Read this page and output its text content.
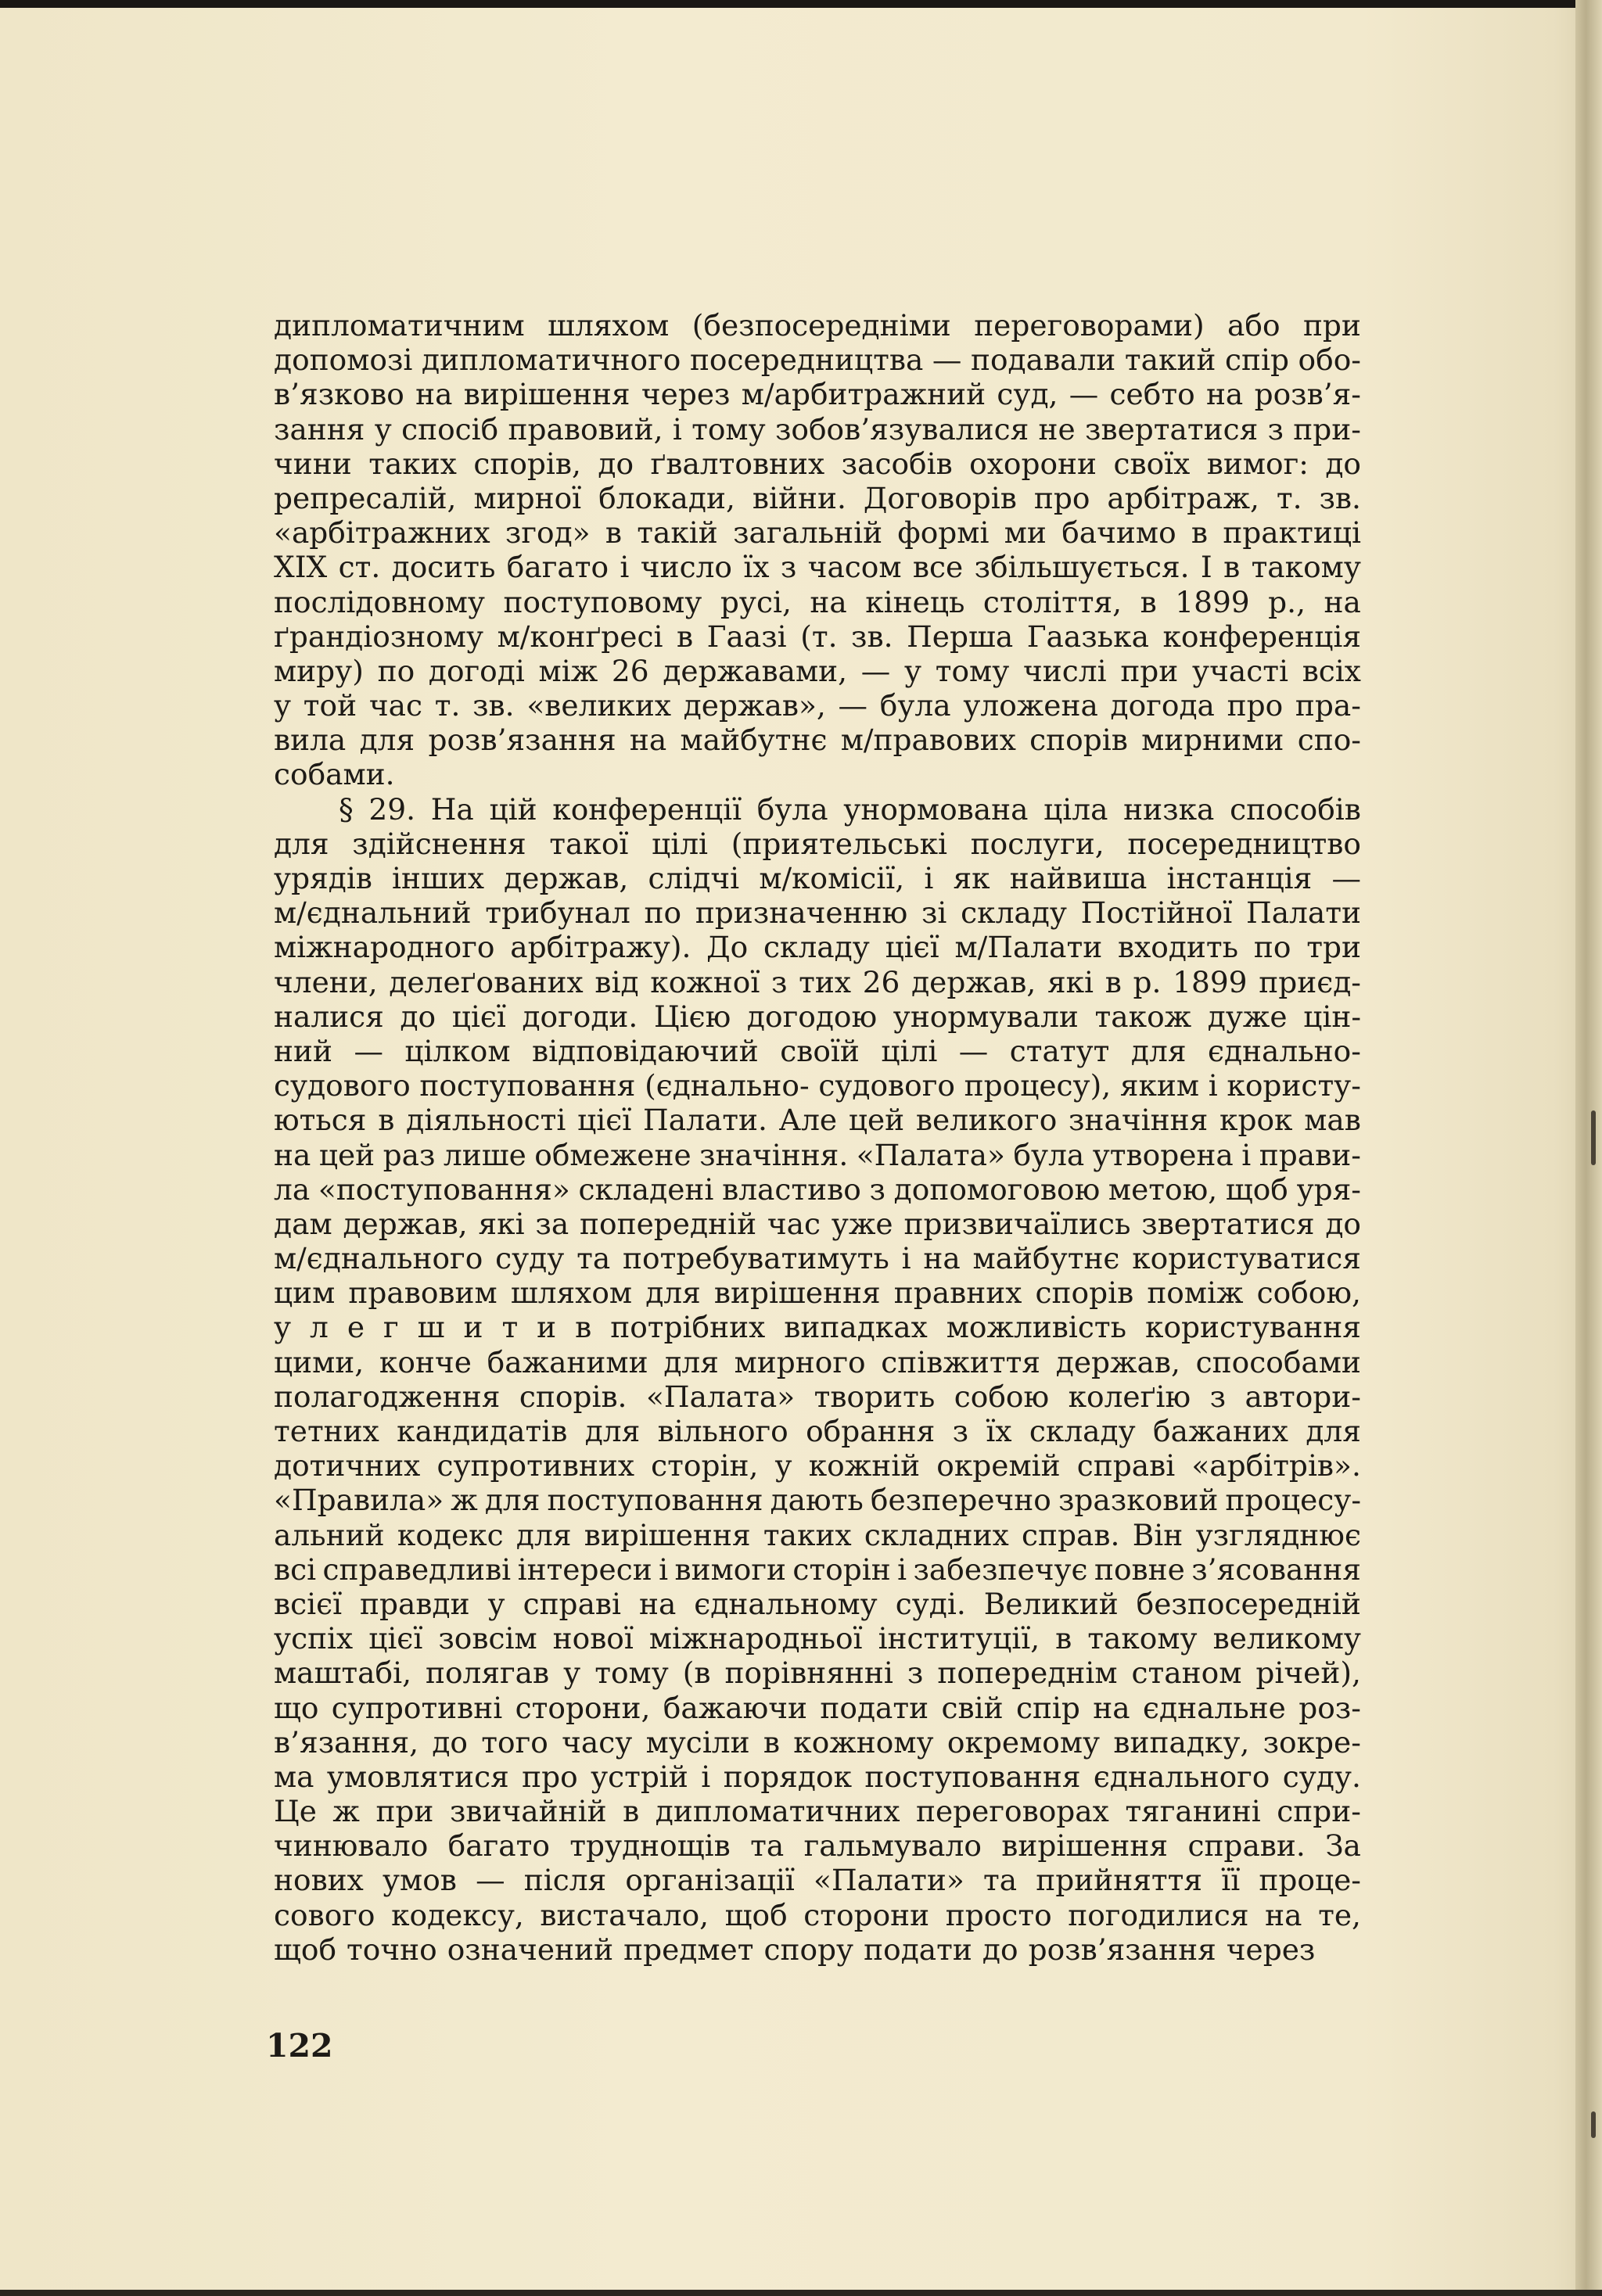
дипломатичним шляхом (безпосередніми переговорами) або при
допомозі дипломатичного посередництва — подавали такий спір обо-
в’язково на вирішення через м/арбитражний суд, — себто на розв’я-
зання у спосіб правовий, і тому зобов’язувалися не звертатися з при-
чини таких спорів, до ґвалтовних засобів охорони своїх вимог: до
репресалій, мирної блокади, війни. Договорів про арбітраж, т. зв.
«арбітражних згод» в такій загальній формі ми бачимо в практиці
XIX ст. досить багато і число їх з часом все збільшується. І в такому
послідовному поступовому русі, на кінець століття, в 1899 р., на
ґрандіозному м/конґресі в Гаазі (т. зв. Перша Гаазька конференція
миру) по догоді між 26 державами, — у тому числі при участі всіх
у той час т. зв. «великих держав», — була уложена догода про пра-
вила для розв’язання на майбутнє м/правових спорів мирними спо-
собами.
§ 29. На цій конференції була унормована ціла низка способів
для здійснення такої цілі (приятельські послуги, посередництво
урядів інших держав, слідчі м/комісії, і як найвиша інстанція —
м/єднальний трибунал по призначенню зі складу Постійної Палати
міжнародного арбітражу). До складу цієї м/Палати входить по три
члени, делеґованих від кожної з тих 26 держав, які в р. 1899 приєд-
налися до цієї догоди. Цією догодою унормували також дуже цін-
ний — цілком відповідаючий своїй цілі — статут для єднально-
судового поступовання (єднально- судового процесу), яким і користу-
ються в діяльності цієї Палати. Але цей великого значіння крок мав
на цей раз лише обмежене значіння. «Палата» була утворена і прави-
ла «поступовання» складені властиво з допомоговою метою, щоб уря-
дам держав, які за попередній час уже призвичаїлись звертатися до
м/єднального суду та потребуватимуть і на майбутнє користуватися
цим правовим шляхом для вирішення правних спорів поміж собою,
у л е г ш и т и в потрібних випадках можливість користування
цими, конче бажаними для мирного співжиття держав, способами
полагодження спорів. «Палата» творить собою колеґію з автори-
тетних кандидатів для вільного обрання з їх складу бажаних для
дотичних супротивних сторін, у кожній окремій справі «арбітрів».
«Правила» ж для поступовання дають безперечно зразковий процесу-
альний кодекс для вирішення таких складних справ. Він узгляднює
всі справедливі інтереси і вимоги сторін і забезпечує повне з’ясовання
всієї правди у справі на єднальному суді. Великий безпосередній
успіх цієї зовсім нової міжнародньої інституції, в такому великому
маштабі, полягав у тому (в порівнянні з попереднім станом річей),
що супротивні сторони, бажаючи подати свій спір на єднальне роз-
в’язання, до того часу мусіли в кожному окремому випадку, зокре-
ма умовлятися про устрій і порядок поступовання єднального суду.
Це ж при звичайній в дипломатичних переговорах тяганині спри-
чинювало багато труднощів та гальмувало вирішення справи. За
нових умов — після організації «Палати» та прийняття її проце-
сового кодексу, вистачало, щоб сторони просто погодилися на те,
щоб точно означений предмет спору подати до розв’язання через
122
